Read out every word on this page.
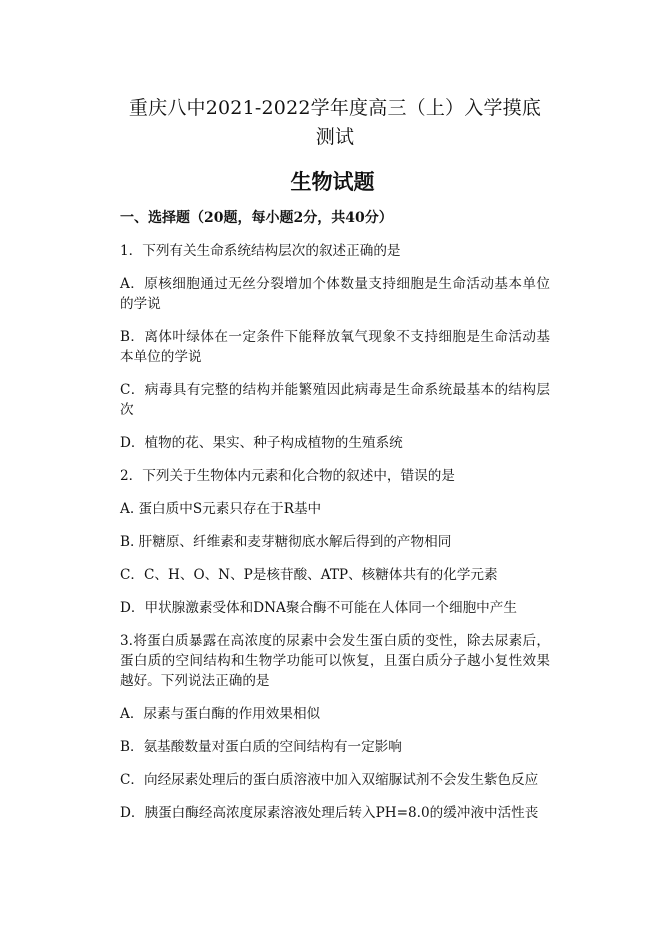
重庆八中2021-2022学年度高三（上）入学摸底测试
生物试题
一、选择题（20题，每小题2分，共40分）
1．下列有关生命系统结构层次的叙述正确的是
A．原核细胞通过无丝分裂增加个体数量支持细胞是生命活动基本单位的学说
B．离体叶绿体在一定条件下能释放氧气现象不支持细胞是生命活动基本单位的学说
C．病毒具有完整的结构并能繁殖因此病毒是生命系统最基本的结构层次
D．植物的花、果实、种子构成植物的生殖系统
2．下列关于生物体内元素和化合物的叙述中，错误的是
A. 蛋白质中S元素只存在于R基中
B. 肝糖原、纤维素和麦芽糖彻底水解后得到的产物相同
C．C、H、O、N、P是核苷酸、ATP、核糖体共有的化学元素
D．甲状腺激素受体和DNA聚合酶不可能在人体同一个细胞中产生
3.将蛋白质暴露在高浓度的尿素中会发生蛋白质的变性，除去尿素后，蛋白质的空间结构和生物学功能可以恢复，且蛋白质分子越小复性效果越好。下列说法正确的是
A．尿素与蛋白酶的作用效果相似
B．氨基酸数量对蛋白质的空间结构有一定影响
C．向经尿素处理后的蛋白质溶液中加入双缩脲试剂不会发生紫色反应
D．胰蛋白酶经高浓度尿素溶液处理后转入PH=8.0的缓冲液中活性丧
